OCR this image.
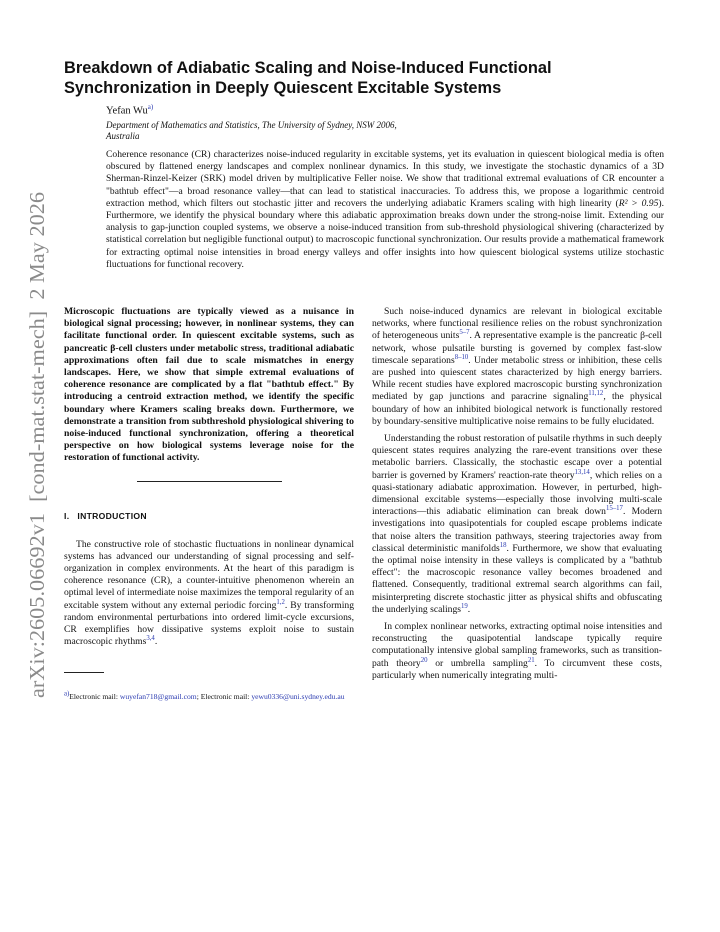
arXiv:2605.06692v1  [cond-mat.stat-mech]  2 May 2026
Breakdown of Adiabatic Scaling and Noise-Induced Functional
Synchronization in Deeply Quiescent Excitable Systems
Yefan Wu$^{a)}$
Department of Mathematics and Statistics, The University of Sydney, NSW 2006,
Australia

Coherence resonance (CR) characterizes noise-induced regularity in excitable systems, yet its evaluation in quiescent biological media is often obscured by flattened energy landscapes and complex nonlinear dynamics. In this study, we investigate the stochastic dynamics of a 3D Sherman-Rinzel-Keizer (SRK) model driven by multiplicative Feller noise. We show that traditional extremal evaluations of CR encounter a "bathtub effect"—a broad resonance valley—that can lead to statistical inaccuracies. To address this, we propose a logarithmic centroid extraction method, which filters out stochastic jitter and recovers the underlying adiabatic Kramers scaling with high linearity (R² > 0.95). Furthermore, we identify the physical boundary where this adiabatic approximation breaks down under the strong-noise limit. Extending our analysis to gap-junction coupled systems, we observe a noise-induced transition from sub-threshold physiological shivering (characterized by statistical correlation but negligible functional output) to macroscopic functional synchronization. Our results provide a mathematical framework for extracting optimal noise intensities in broad energy valleys and offer insights into how quiescent biological systems utilize stochastic fluctuations for functional recovery.

Microscopic fluctuations are typically viewed as a nuisance in biological signal processing; however, in nonlinear systems, they can facilitate functional order. In quiescent excitable systems, such as pancreatic β-cell clusters under metabolic stress, traditional adiabatic approximations often fail due to scale mismatches in energy landscapes. Here, we show that simple extremal evaluations of coherence resonance are complicated by a flat "bathtub effect." By introducing a centroid extraction method, we identify the specific boundary where Kramers scaling breaks down. Furthermore, we demonstrate a transition from subthreshold physiological shivering to noise-induced functional synchronization, offering a theoretical perspective on how biological systems leverage noise for the restoration of functional activity.

I. INTRODUCTION

The constructive role of stochastic fluctuations in nonlinear dynamical systems has advanced our understanding of signal processing and self-organization in complex environments. At the heart of this paradigm is coherence resonance (CR), a counter-intuitive phenomenon wherein an optimal level of intermediate noise maximizes the temporal regularity of an excitable system without any external periodic forcing$^{1,2}$. By transforming random environmental perturbations into ordered limit-cycle excursions, CR exemplifies how dissipative systems exploit noise to sustain macroscopic rhythms$^{3,4}$.

a)Electronic mail: wuyefan718@gmail.com; Electronic mail: yewu0336@uni.sydney.edu.au

Such noise-induced dynamics are relevant in biological excitable networks, where functional resilience relies on the robust synchronization of heterogeneous units$^{5-7}$. A representative example is the pancreatic β-cell network, whose pulsatile bursting is governed by complex fast-slow timescale separations$^{8-10}$. Under metabolic stress or inhibition, these cells are pushed into quiescent states characterized by high energy barriers. While recent studies have explored macroscopic bursting synchronization mediated by gap junctions and paracrine signaling$^{11,12}$, the physical boundary of how an inhibited biological network is functionally restored by boundary-sensitive multiplicative noise remains to be fully elucidated.

Understanding the robust restoration of pulsatile rhythms in such deeply quiescent states requires analyzing the rare-event transitions over these metabolic barriers. Classically, the stochastic escape over a potential barrier is governed by Kramers' reaction-rate theory$^{13,14}$, which relies on a quasi-stationary adiabatic approximation. However, in perturbed, high-dimensional excitable systems—especially those involving multi-scale interactions—this adiabatic elimination can break down$^{15-17}$. Modern investigations into quasipotentials for coupled escape problems indicate that noise alters the transition pathways, steering trajectories away from classical deterministic manifolds$^{18}$. Furthermore, we show that evaluating the optimal noise intensity in these valleys is complicated by a "bathtub effect": the macroscopic resonance valley becomes broadened and flattened. Consequently, traditional extremal search algorithms can fail, misinterpreting discrete stochastic jitter as physical shifts and obfuscating the underlying scalings$^{19}$.

In complex nonlinear networks, extracting optimal noise intensities and reconstructing the quasipotential landscape typically require computationally intensive global sampling frameworks, such as transition-path theory$^{20}$ or umbrella sampling$^{21}$. To circumvent these costs, particularly when numerically integrating multi-
